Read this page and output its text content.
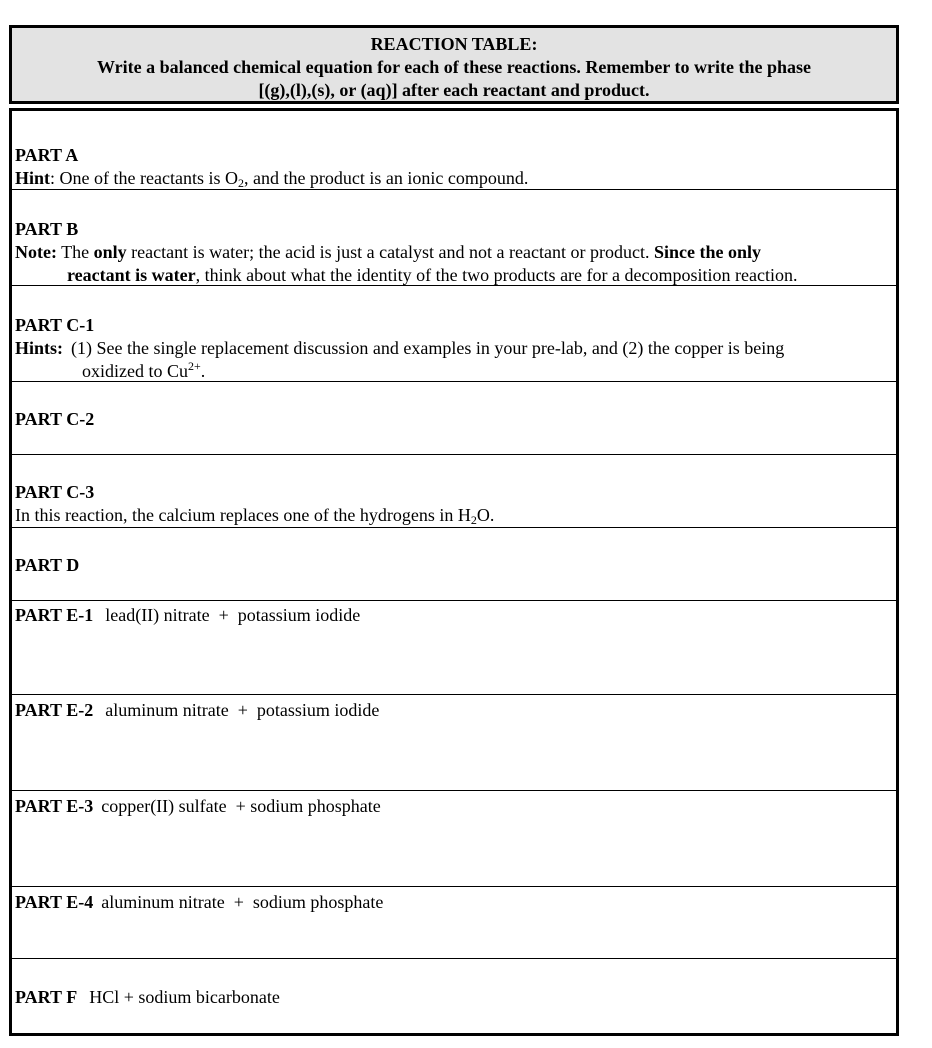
REACTION TABLE:
Write a balanced chemical equation for each of these reactions. Remember to write the phase
[(g),(l),(s), or (aq)] after each reactant and product.
PART A
Hint: One of the reactants is $O_2$, and the product is an ionic compound.
PART B
Note: The only reactant is water; the acid is just a catalyst and not a reactant or product. Since the only
reactant is water, think about what the identity of the two products are for a decomposition reaction.
PART C-1
Hints: (1) See the single replacement discussion and examples in your pre-lab, and (2) the copper is being
oxidized to $Cu^{2+}$.
PART C-2
PART C-3
In this reaction, the calcium replaces one of the hydrogens in $H_2O$.
PART D
PART E-1 lead(II) nitrate  +  potassium iodide
PART E-2 aluminum nitrate  +  potassium iodide
PART E-3 copper(II) sulfate  + sodium phosphate
PART E-4 aluminum nitrate  +  sodium phosphate
PART F HCl + sodium bicarbonate
